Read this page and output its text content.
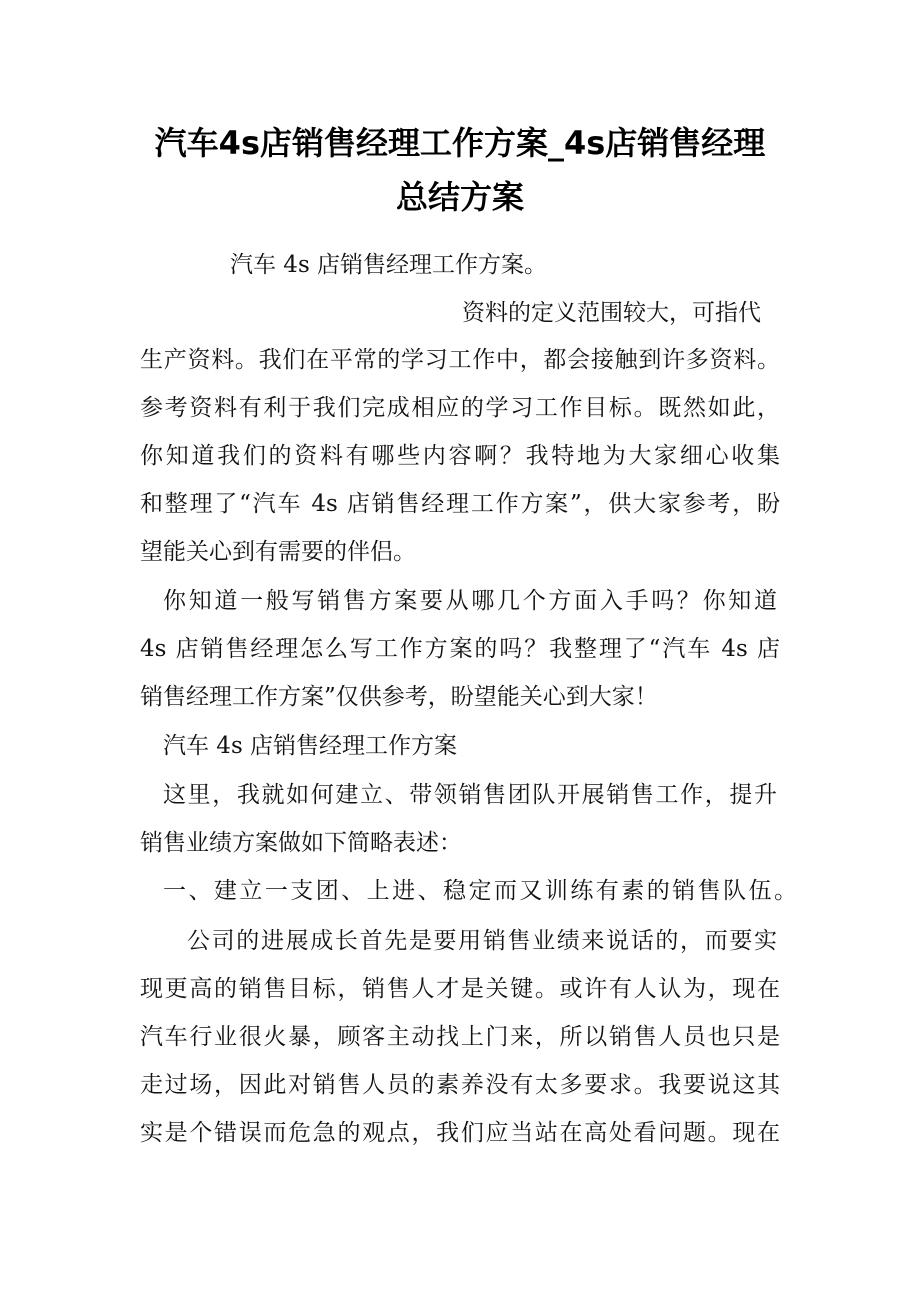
汽车4s店销售经理工作方案_4s店销售经理
总结方案

汽车 4s 店销售经理工作方案。

资料的定义范围较大，可指代

生产资料。我们在平常的学习工作中，都会接触到许多资料。

参考资料有利于我们完成相应的学习工作目标。既然如此，

你知道我们的资料有哪些内容啊？我特地为大家细心收集

和整理了“汽车 4s 店销售经理工作方案”，供大家参考，盼

望能关心到有需要的伴侣。

你知道一般写销售方案要从哪几个方面入手吗？你知道

4s 店销售经理怎么写工作方案的吗？我整理了“汽车 4s 店

销售经理工作方案”仅供参考，盼望能关心到大家！

汽车 4s 店销售经理工作方案

这里，我就如何建立、带领销售团队开展销售工作，提升

销售业绩方案做如下简略表述：

一、建立一支团、上进、稳定而又训练有素的销售队伍。

公司的进展成长首先是要用销售业绩来说话的，而要实

现更高的销售目标，销售人才是关键。或许有人认为，现在

汽车行业很火暴，顾客主动找上门来，所以销售人员也只是

走过场，因此对销售人员的素养没有太多要求。我要说这其

实是个错误而危急的观点，我们应当站在高处看问题。现在
